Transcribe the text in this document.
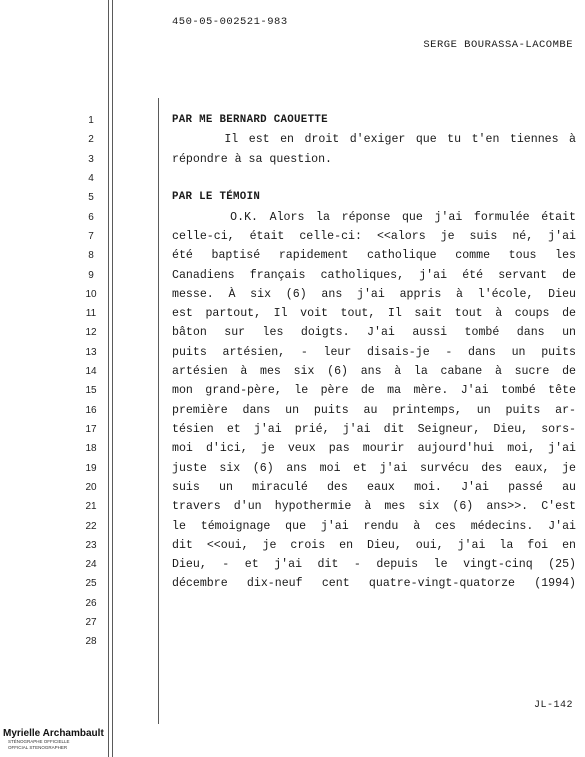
450-05-002521-983
SERGE BOURASSA-LACOMBE
1
2
3
4
5
6
7
8
9
10
11
12
13
14
15
16
17
18
19
20
21
22
23
24
25
26
27
28
PAR ME BERNARD CAOUETTE
Il est en droit d'exiger que tu t'en tiennes à
répondre à sa question.
PAR LE TÉMOIN
O.K. Alors la réponse que j'ai formulée était
celle-ci, était celle-ci: <<alors je suis né, j'ai
été baptisé rapidement catholique comme tous les
Canadiens français catholiques, j'ai été servant de
messe. À six (6) ans j'ai appris à l'école, Dieu
est partout, Il voit tout, Il sait tout à coups de
bâton sur les doigts. J'ai aussi tombé dans un
puits artésien, - leur disais-je - dans un puits
artésien à mes six (6) ans à la cabane à sucre de
mon grand-père, le père de ma mère. J'ai tombé tête
première dans un puits au printemps, un puits ar-
tésien et j'ai prié, j'ai dit Seigneur, Dieu, sors-
moi d'ici, je veux pas mourir aujourd'hui moi, j'ai
juste six (6) ans moi et j'ai survécu des eaux, je
suis un miraculé des eaux moi. J'ai passé au
travers d'un hypothermie à mes six (6) ans>>. C'est
le témoignage que j'ai rendu à ces médecins. J'ai
dit <<oui, je crois en Dieu, oui, j'ai la foi en
Dieu, - et j'ai dit - depuis le vingt-cinq (25)
décembre dix-neuf cent quatre-vingt-quatorze (1994)
JL-142
Myrielle Archambault
STÉNOGRAPHE OFFICIELLE
OFFICIAL STENOGRAPHER
